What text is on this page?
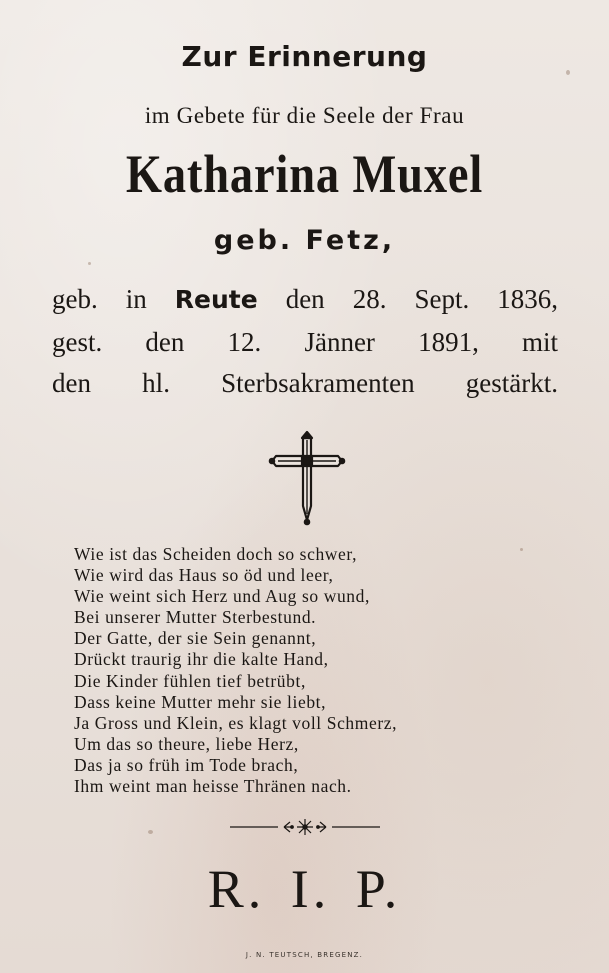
Zur Erinnerung
im Gebete für die Seele der Frau
Katharina Muxel
geb. Fetz,
geb. in Reute den 28. Sept. 1836,
gest. den 12. Jänner 1891, mit
den hl. Sterbsakramenten gestärkt.
Wie ist das Scheiden doch so schwer,
Wie wird das Haus so öd und leer,
Wie weint sich Herz und Aug so wund,
Bei unserer Mutter Sterbestund.
Der Gatte, der sie Sein genannt,
Drückt traurig ihr die kalte Hand,
Die Kinder fühlen tief betrübt,
Dass keine Mutter mehr sie liebt,
Ja Gross und Klein, es klagt voll Schmerz,
Um das so theure, liebe Herz,
Das ja so früh im Tode brach,
Ihm weint man heisse Thränen nach.
R. I. P.
J. N. TEUTSCH, BREGENZ.
